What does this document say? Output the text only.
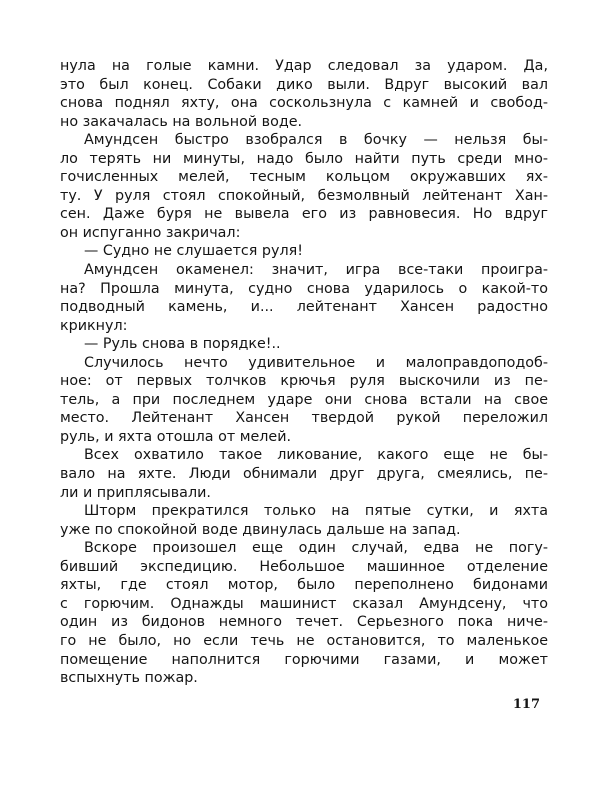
нула на голые камни. Удар следовал за ударом. Да,
это был конец. Собаки дико выли. Вдруг высокий вал
снова поднял яхту, она соскользнула с камней и свобод-
но закачалась на вольной воде.
Амундсен быстро взобрался в бочку — нельзя бы-
ло терять ни минуты, надо было найти путь среди мно-
гочисленных мелей, тесным кольцом окружавших ях-
ту. У руля стоял спокойный, безмолвный лейтенант Хан-
сен. Даже буря не вывела его из равновесия. Но вдруг
он испуганно закричал:
— Судно не слушается руля!
Амундсен окаменел: значит, игра все-таки проигра-
на? Прошла минута, судно снова ударилось о какой-то
подводный камень, и... лейтенант Хансен радостно
крикнул:
— Руль снова в порядке!..
Случилось нечто удивительное и малоправдоподоб-
ное: от первых толчков крючья руля выскочили из пе-
тель, а при последнем ударе они снова встали на свое
место. Лейтенант Хансен твердой рукой переложил
руль, и яхта отошла от мелей.
Всех охватило такое ликование, какого еще не бы-
вало на яхте. Люди обнимали друг друга, смеялись, пе-
ли и приплясывали.
Шторм прекратился только на пятые сутки, и яхта
уже по спокойной воде двинулась дальше на запад.
Вскоре произошел еще один случай, едва не погу-
бивший экспедицию. Небольшое машинное отделение
яхты, где стоял мотор, было переполнено бидонами
с горючим. Однажды машинист сказал Амундсену, что
один из бидонов немного течет. Серьезного пока ниче-
го не было, но если течь не остановится, то маленькое
помещение наполнится горючими газами, и может
вспыхнуть пожар.
117
